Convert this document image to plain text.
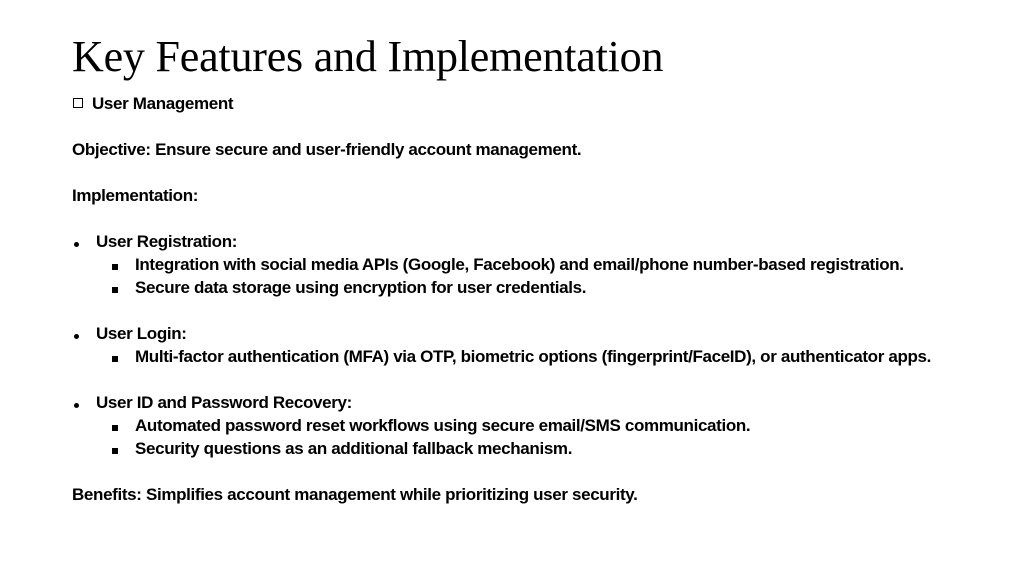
Key Features and Implementation
User Management
Objective:
Ensure secure and user-friendly account management.
Implementation:
User Registration:
Integration with social media APIs (Google, Facebook) and email/phone number-based registration.
Secure data storage using encryption for user credentials.
User Login:
Multi-factor authentication (MFA) via OTP, biometric options (fingerprint/FaceID), or authenticator apps.
User ID and Password Recovery:
Automated password reset workflows using secure email/SMS communication.
Security questions as an additional fallback mechanism.
Benefits:
Simplifies account management while prioritizing user security.
